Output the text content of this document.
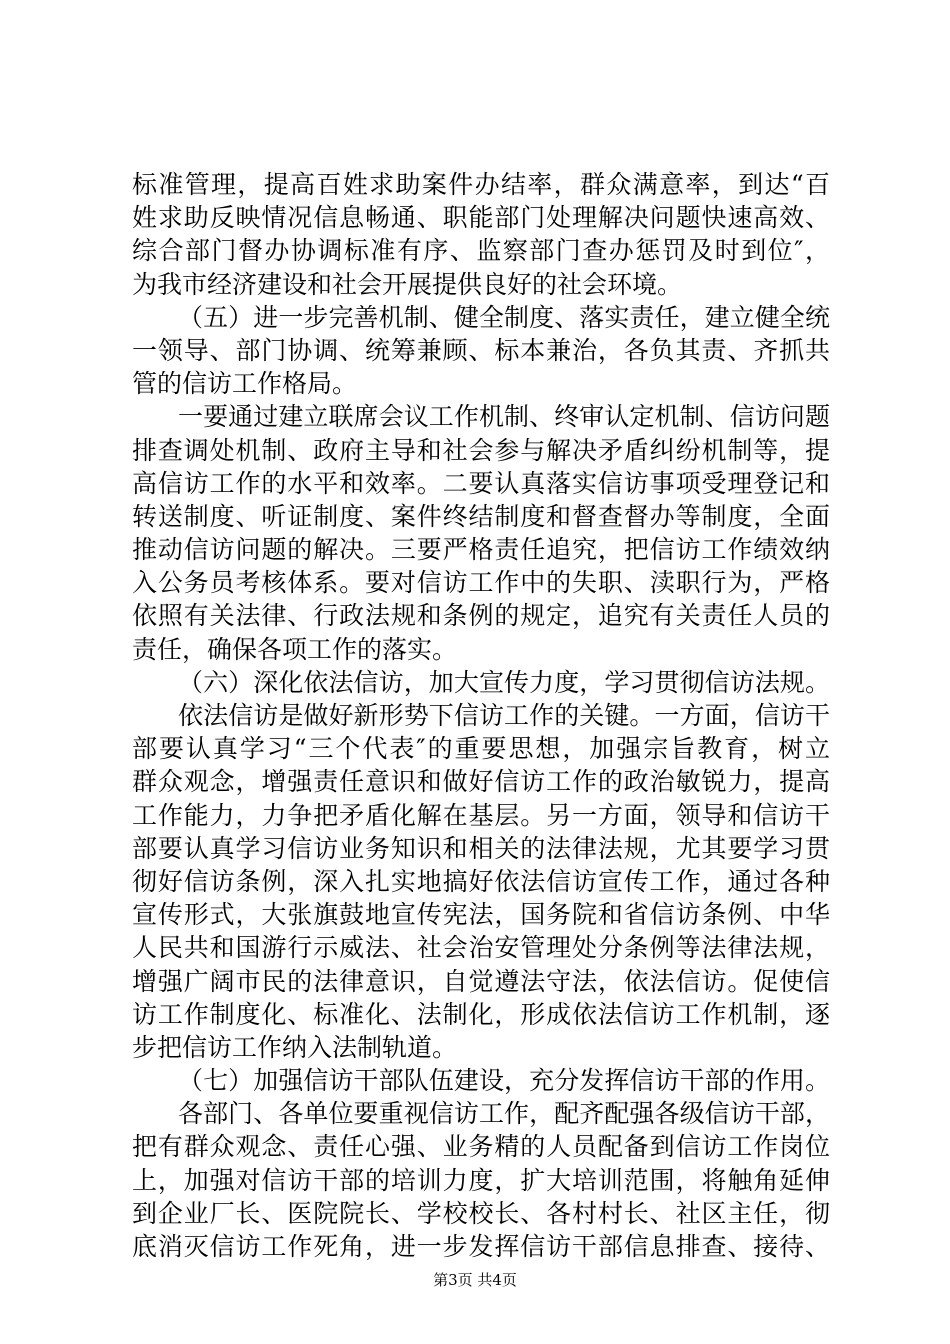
标准管理，提高百姓求助案件办结率，群众满意率，到达“百
姓求助反映情况信息畅通、职能部门处理解决问题快速高效、
综合部门督办协调标准有序、监察部门查办惩罚及时到位″，
为我市经济建设和社会开展提供良好的社会环境。
（五）进一步完善机制、健全制度、落实责任，建立健全统
一领导、部门协调、统筹兼顾、标本兼治，各负其责、齐抓共
管的信访工作格局。
一要通过建立联席会议工作机制、终审认定机制、信访问题
排查调处机制、政府主导和社会参与解决矛盾纠纷机制等，提
高信访工作的水平和效率。二要认真落实信访事项受理登记和
转送制度、听证制度、案件终结制度和督查督办等制度，全面
推动信访问题的解决。三要严格责任追究，把信访工作绩效纳
入公务员考核体系。要对信访工作中的失职、渎职行为，严格
依照有关法律、行政法规和条例的规定，追究有关责任人员的
责任，确保各项工作的落实。
（六）深化依法信访，加大宣传力度，学习贯彻信访法规。
依法信访是做好新形势下信访工作的关键。一方面，信访干
部要认真学习“三个代表″的重要思想，加强宗旨教育，树立
群众观念，增强责任意识和做好信访工作的政治敏锐力，提高
工作能力，力争把矛盾化解在基层。另一方面，领导和信访干
部要认真学习信访业务知识和相关的法律法规，尤其要学习贯
彻好信访条例，深入扎实地搞好依法信访宣传工作，通过各种
宣传形式，大张旗鼓地宣传宪法，国务院和省信访条例、中华
人民共和国游行示威法、社会治安管理处分条例等法律法规，
增强广阔市民的法律意识，自觉遵法守法，依法信访。促使信
访工作制度化、标准化、法制化，形成依法信访工作机制，逐
步把信访工作纳入法制轨道。
（七）加强信访干部队伍建设，充分发挥信访干部的作用。
各部门、各单位要重视信访工作，配齐配强各级信访干部，
把有群众观念、责任心强、业务精的人员配备到信访工作岗位
上，加强对信访干部的培训力度，扩大培训范围，将触角延伸
到企业厂长、医院院长、学校校长、各村村长、社区主任，彻
底消灭信访工作死角，进一步发挥信访干部信息排查、接待、
第3页 共4页
